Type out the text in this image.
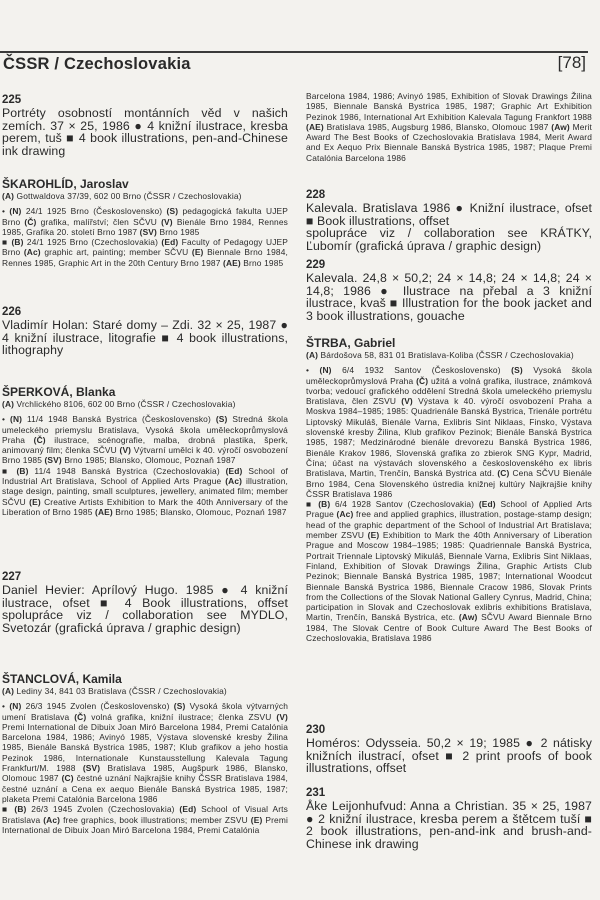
ČSSR / Czechoslovakia	[78]
225
Portréty osobností montánních věd v našich zemích. 37 × 25, 1986 ● 4 knižní ilustrace, kresba perem, tuš ■ 4 book illustrations, pen-and-Chinese ink drawing
ŠKAROHLÍD, Jaroslav
(A) Gottwaldova 37/39, 602 00 Brno (ČSSR / Czechoslovakia)
• (N) 24/1 1925 Brno (Československo) (S) pedagogická fakulta UJEP Brno (Č) grafika, malířství; člen SČVU (V) Bienále Brno 1984, Rennes 1985, Grafika 20. století Brno 1987 (SV) Brno 1985
■ (B) 24/1 1925 Brno (Czechoslovakia) (Ed) Faculty of Pedagogy UJEP Brno (Ac) graphic art, painting; member SČVU (E) Biennale Brno 1984, Rennes 1985, Graphic Art in the 20th Century Brno 1987 (AE) Brno 1985
226
Vladimír Holan: Staré domy – Zdi. 32 × 25, 1987 ● 4 knižní ilustrace, litografie ■ 4 book illustrations, lithography
ŠPERKOVÁ, Blanka
(A) Vrchlického 8106, 602 00 Brno (ČSSR / Czechoslovakia)
• (N) 11/4 1948 Banská Bystrica (Československo) (S) Stredná škola umeleckého priemyslu Bratislava, Vysoká škola uměleckoprůmyslová Praha (Č) ilustrace, scénografie, malba, drobná plastika, šperk, animovaný film; členka SČVU (V) Výtvarní umělci k 40. výročí osvobození Brno 1985 (SV) Brno 1985; Blansko, Olomouc, Poznaň 1987
■ (B) 11/4 1948 Banská Bystrica (Czechoslovakia) (Ed) School of Industrial Art Bratislava, School of Applied Arts Prague (Ac) illustration, stage design, painting, small sculptures, jewellery, animated film; member SČVU (E) Creative Artists Exhibition to Mark the 40th Anniversary of the Liberation of Brno 1985 (AE) Brno 1985; Blansko, Olomouc, Poznań 1987
227
Daniel Hevier: Aprílový Hugo. 1985 ● 4 knižní ilustrace, ofset ■ 4 Book illustrations, offset spolupráce viz / collaboration see MYDLO, Svetozár (grafická úprava / graphic design)
ŠTANCLOVÁ, Kamila
(A) Lediny 34, 841 03 Bratislava (ČSSR / Czechoslovakia)
• (N) 26/3 1945 Zvolen (Československo) (S) Vysoká škola výtvarných umení Bratislava (Č) volná grafika, knižní ilustrace; členka ZSVU (V) Premi International de Dibuix Joan Miró Barcelona 1984, Premi Catalónia Barcelona 1984, 1986; Avinyó 1985, Výstava slovenské kresby Žilina 1985, Bienále Banská Bystrica 1985, 1987; Klub grafikov a jeho hostia Pezinok 1986, Internationale Kunstausstellung Kalevala Tagung Frankfurt/M. 1988 (SV) Bratislava 1985, Augšpurk 1986, Blansko, Olomouc 1987 (C) čestné uznání Najkrajšie knihy ČSSR Bratislava 1984, čestné uznání a Cena ex aequo Bienále Banská Bystrica 1985, 1987; plaketa Premi Catalónia Barcelona 1986
■ (B) 26/3 1945 Zvolen (Czechoslovakia) (Ed) School of Visual Arts Bratislava (Ac) free graphics, book illustrations; member ZSVU (E) Premi International de Dibuix Joan Miró Barcelona 1984, Premi Catalónia
Barcelona 1984, 1986; Avinyó 1985, Exhibition of Slovak Drawings Žilina 1985, Biennale Banská Bystrica 1985, 1987; Graphic Art Exhibition Pezinok 1986, International Art Exhibition Kalevala Tagung Frankfort 1988 (AE) Bratislava 1985, Augsburg 1986, Blansko, Olomouc 1987 (Aw) Merit Award The Best Books of Czechoslovakia Bratislava 1984, Merit Award and Ex Aequo Prix Biennale Banská Bystrica 1985, 1987; Plaque Premi Catalónia Barcelona 1986
228
Kalevala. Bratislava 1986 ● Knižní ilustrace, ofset ■ Book illustrations, offset
spolupráce viz / collaboration see KRÁTKY, Ľubomír (grafická úprava / graphic design)
229
Kalevala. 24,8 × 50,2; 24 × 14,8; 24 × 14,8; 24 × 14,8; 1986 ● Ilustrace na přebal a 3 knižní ilustrace, kvaš ■ Illustration for the book jacket and 3 book illustrations, gouache
ŠTRBA, Gabriel
(A) Bárdošova 58, 831 01 Bratislava-Koliba (ČSSR / Czechoslovakia)
• (N) 6/4 1932 Santov (Československo) (S) Vysoká škola uměleckoprůmyslová Praha (Č) užitá a volná grafika, ilustrace, známková tvorba; vedoucí grafického oddělení Stredná škola umeleckého priemyslu Bratislava, člen ZSVU (V) Výstava k 40. výročí osvobození Praha a Moskva 1984–1985; 1985: Quadrienále Banská Bystrica, Trienále portrétu Liptovský Mikuláš, Bienále Varna, Exlibris Sint Niklaas, Finsko, Výstava slovenské kresby Žilina, Klub grafikov Pezinok; Bienále Banská Bystrica 1985, 1987; Medzinárodné bienále drevorezu Banská Bystrica 1986, Bienále Krakov 1986, Slovenská grafika zo zbierok SNG Kypr, Madrid, Čína; účast na výstavách slovenského a československého ex libris Bratislava, Martin, Trenčín, Banská Bystrica atd. (C) Cena SČVU Bienále Brno 1984, Cena Slovenského ústredia knižnej kultúry Najkrajšie knihy ČSSR Bratislava 1986
■ (B) 6/4 1928 Santov (Czechoslovakia) (Ed) School of Applied Arts Prague (Ac) free and applied graphics, illustration, postage-stamp design; head of the graphic department of the School of Industrial Art Bratislava; member ZSVU (E) Exhibition to Mark the 40th Anniversary of Liberation Prague and Moscow 1984–1985; 1985: Quadriennale Banská Bystrica, Portrait Triennale Liptovský Mikuláš, Biennale Varna, Exlibris Sint Niklaas, Finland, Exhibition of Slovak Drawings Žilina, Graphic Artists Club Pezinok; Biennale Banská Bystrica 1985, 1987; International Woodcut Biennale Banská Bystrica 1986, Biennale Cracow 1986, Slovak Prints from the Collections of the Slovak National Gallery Cynrus, Madrid, China; participation in Slovak and Czechoslovak exlibris exhibitions Bratislava, Martin, Trenčín, Banská Bystrica, etc. (Aw) SČVU Award Biennale Brno 1984, The Slovak Centre of Book Culture Award The Best Books of Czechoslovakia, Bratislava 1986
230
Homéros: Odysseia. 50,2 × 19; 1985 ● 2 nátisky knižních ilustrací, ofset ■ 2 print proofs of book illustrations, offset
231
Åke Leijonhufvud: Anna a Christian. 35 × 25, 1987 ● 2 knižní ilustrace, kresba perem a štětcem tuší ■ 2 book illustrations, pen-and-ink and brush-and-Chinese ink drawing
